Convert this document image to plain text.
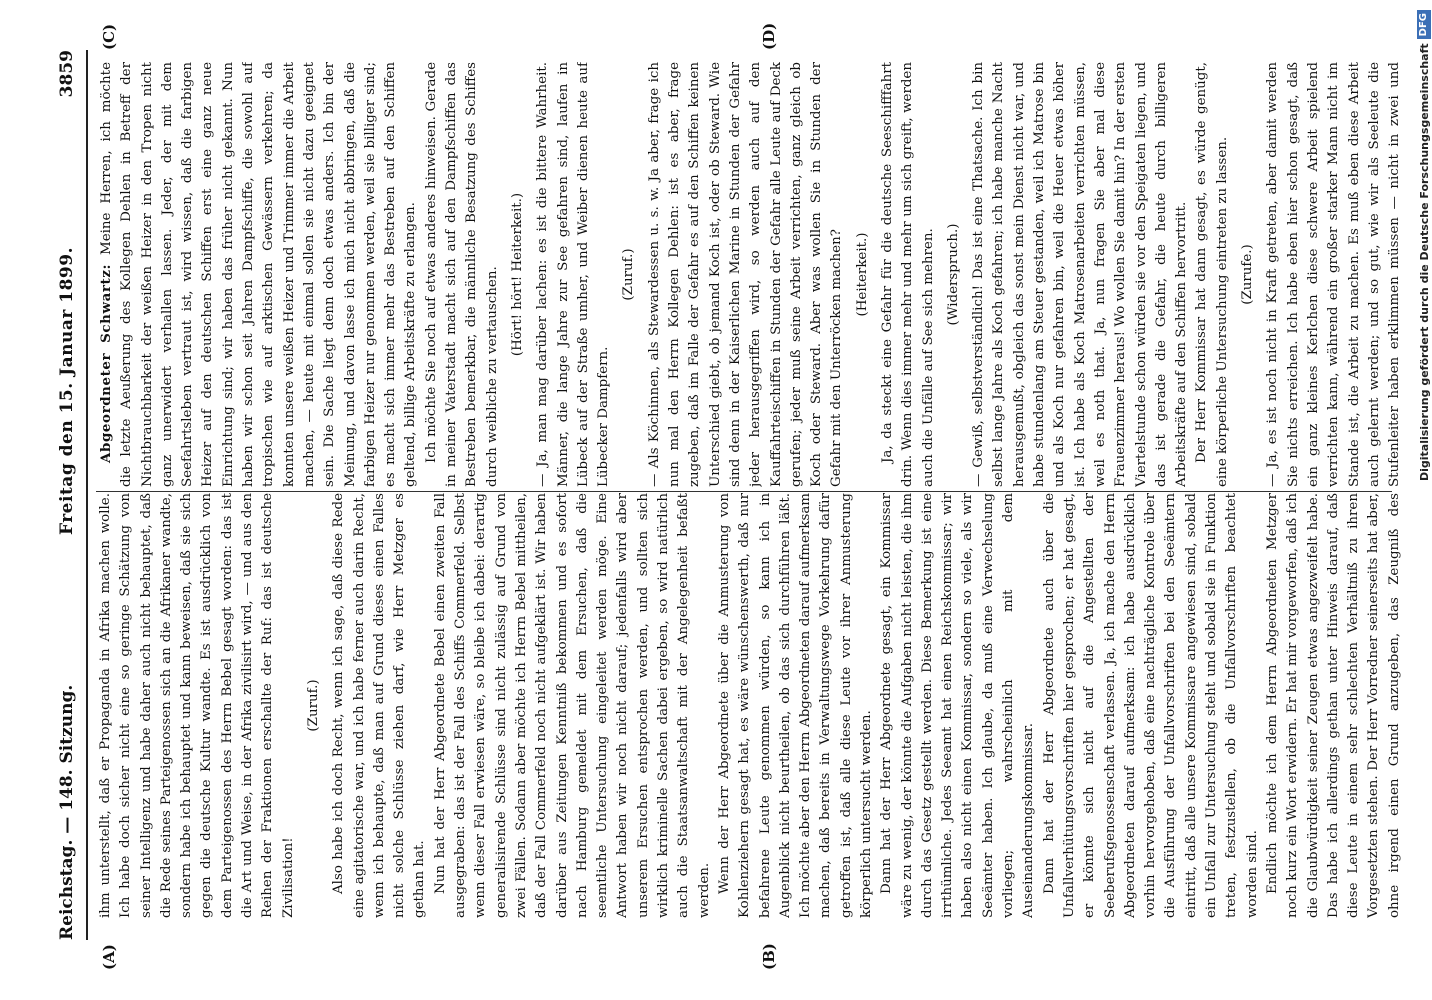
Reichstag. — 148. Sitzung.
Freitag den 15. Januar 1899.
3859

ihm unterstellt, daß er Propaganda in Afrika machen wolle. Ich habe doch sicher nicht eine so geringe Schätzung von seiner Intelligenz und habe daher auch nicht behauptet, daß die Rede seines Parteigenossen sich an die Afrikaner wandte, sondern habe ich behauptet und kann beweisen, daß sie sich gegen die deutsche Kultur wandte. Es ist ausdrücklich von dem Parteigenossen des Herrn Bebel gesagt worden: das ist die Art und Weise, in der Afrika zivilisirt wird, — und aus den Reihen der Fraktionen erschallte der Ruf: das ist deutsche Zivilisation!

(Zuruf.) Also habe ich doch Recht, wenn ich sage, daß diese Rede eine agitatorische war, und ich habe ferner auch darin Recht, wenn ich behaupte, daß man auf Grund dieses einen Falles nicht solche Schlüsse ziehen darf, wie Herr Metzger es gethan hat. Nun hat der Herr Abgeordnete Bebel einen zweiten Fall ausgegraben: das ist der Fall des Schiffs Commerfeld. Selbst wenn dieser Fall erwiesen wäre, so bleibe ich dabei: derartig generalisirende Schlüsse sind nicht zulässig auf Grund von zwei Fällen. Sodann aber möchte ich Herrn Bebel mittheilen, daß der Fall Commerfeld noch nicht aufgeklärt ist. Wir haben darüber aus Zeitungen Kenntniß bekommen und es sofort nach Hamburg gemeldet mit dem Ersuchen, daß die seemtliche Untersuchung eingeleitet werden möge. Eine Antwort haben wir noch nicht darauf; jedenfalls wird aber unserem Ersuchen entsprochen werden, und sollten sich wirklich kriminelle Sachen dabei ergeben, so wird natürlich auch die Staatsanwaltschaft mit der Angelegenheit befaßt werden. Wenn der Herr Abgeordnete über die Anmusterung von Kohlenziehern gesagt hat, es wäre wünschenswerth, daß nur befahrene Leute genommen würden, so kann ich in Augenblick nicht beurtheilen, ob das sich durchführen läßt. Ich möchte aber den Herrn Abgeordneten darauf aufmerksam machen, daß bereits in Verwaltungswege Vorkehrung dafür getroffen ist, daß alle diese Leute vor ihrer Anmusterung körperlich untersucht werden. Dann hat der Herr Abgeordnete gesagt, ein Kommissar wäre zu wenig, der könnte die Aufgaben nicht leisten, die ihm durch das Gesetz gestellt werden. Diese Bemerkung ist eine irrthümliche. Jedes Seeamt hat einen Reichskommissar; wir haben also nicht einen Kommissar, sondern so viele, als wir Seeämter haben. Ich glaube, da muß eine Verwechselung vorliegen; wahrscheinlich mit dem Auseinanderungskommissar. Dann hat der Herr Abgeordnete auch über die Unfallverhütungsvorschriften hier gesprochen; er hat gesagt, er könnte sich nicht auf die Angestellten der Seeberufsgenossenschaft verlassen. Ja, ich mache den Herrn Abgeordneten darauf aufmerksam: ich habe ausdrücklich vorhin hervorgehoben, daß eine nachträgliche Kontrole über die Ausführung der Unfallvorschriften bei den Seeämtern eintritt, daß alle unsere Kommissare angewiesen sind, sobald ein Unfall zur Untersuchung steht und sobald sie in Funktion treten, festzustellen, ob die Unfallvorschriften beachtet worden sind. Endlich möchte ich dem Herrn Abgeordneten Metzger noch kurz ein Wort erwidern. Er hat mir vorgeworfen, daß ich die Glaubwürdigkeit seiner Zeugen etwas angezweifelt habe. Das habe ich allerdings gethan unter Hinweis darauf, daß diese Leute in einem sehr schlechten Verhältniß zu ihren Vorgesetzten stehen. Der Herr Vorredner seinerseits hat aber, ohne irgend einen Grund anzugeben, das Zeugniß des

Abgeordneter Schwartz: Meine Herren, ich möchte die letzte Aeußerung des Kollegen Dehlen in Betreff der Nichtbrauchbarkeit der weißen Heizer in den Tropen nicht ganz unerwidert verhallen lassen. Jeder, der mit dem Seefahrtsleben vertraut ist, wird wissen, daß die farbigen Heizer auf den deutschen Schiffen erst eine ganz neue Einrichtung sind; wir haben das früher nicht gekannt. Nun haben wir schon seit Jahren Dampfschiffe, die sowohl auf tropischen wie auf arktischen Gewässern verkehren; da konnten unsere weißen Heizer und Trimmer immer die Arbeit machen, — heute mit einmal sollen sie nicht dazu geeignet sein. Die Sache liegt denn doch etwas anders. Ich bin der Meinung, und davon lasse ich mich nicht abbringen, daß die farbigen Heizer nur genommen werden, weil sie billiger sind; es macht sich immer mehr das Bestreben auf den Schiffen geltend, billige Arbeitskräfte zu erlangen. Ich möchte Sie noch auf etwas anderes hinweisen. Gerade in meiner Vaterstadt macht sich auf den Dampfschiffen das Bestreben bemerkbar, die männliche Besatzung des Schiffes durch weibliche zu vertauschen. (Hört! hört! Heiterkeit.) — Ja, man mag darüber lachen: es ist die bittere Wahrheit. Männer, die lange Jahre zur See gefahren sind, laufen in Lübeck auf der Straße umher, und Weiber dienen heute auf Lübecker Dampfern.

(Zuruf.) — Als Köchinnen, als Stewardessen u. s. w. Ja aber, frage ich nun mal den Herrn Kollegen Dehlen: ist es aber, frage zugeben, daß im Falle der Gefahr es auf den Schiffen keinen Unterschied giebt, ob jemand Koch ist, oder ob Steward. Wie sind denn in der Kaiserlichen Marine in Stunden der Gefahr jeder herausgegriffen wird, so werden auch auf den Kauffahrteischiffen in Stunden der Gefahr alle Leute auf Deck gerufen; jeder muß seine Arbeit verrichten, ganz gleich ob Koch oder Steward. Aber was wollen Sie in Stunden der Gefahr mit den Unterröcken machen? (Heiterkeit.) Ja, da steckt eine Gefahr für die deutsche Seeschifffahrt drin. Wenn dies immer mehr und mehr um sich greift, werden auch die Unfälle auf See sich mehren. (Widerspruch.) — Gewiß, selbstverständlich! Das ist eine Thatsache. Ich bin selbst lange Jahre als Koch gefahren; ich habe manche Nacht herausgemußt, obgleich das sonst mein Dienst nicht war, und habe stundenlang am Steuer gestanden, weil ich Matrose bin und als Koch nur gefahren bin, weil die Heuer etwas höher ist. Ich habe als Koch Matrosenarbeiten verrichten müssen, weil es noth that. Ja, nun fragen Sie aber mal diese Frauenzimmer heraus! Wo wollen Sie damit hin? In der ersten Viertelstunde schon würden sie vor den Speigaten liegen, und das ist gerade die Gefahr, die heute durch billigeren Arbeitskräfte auf den Schiffen hervortritt. Der Herr Kommissar hat dann gesagt, es würde genügt, eine körperliche Untersuchung eintreten zu lassen. (Zurufe.)

— Ja, es ist noch nicht in Kraft getreten, aber damit werden Sie nichts erreichen. Ich habe eben hier schon gesagt, daß ein ganz kleines Kerlchen diese schwere Arbeit spielend verrichten kann, während ein großer starker Mann nicht im Stande ist, die Arbeit zu machen. Es muß eben diese Arbeit auch gelernt werden; und so gut, wie wir als Seeleute die Stufenleiter haben erklimmen müssen — nicht in zwei und

(A)	(B)
(C)	(D)
Digitalisierung gefördert durch die Deutsche Forschungsgemeinschaft
DFG
